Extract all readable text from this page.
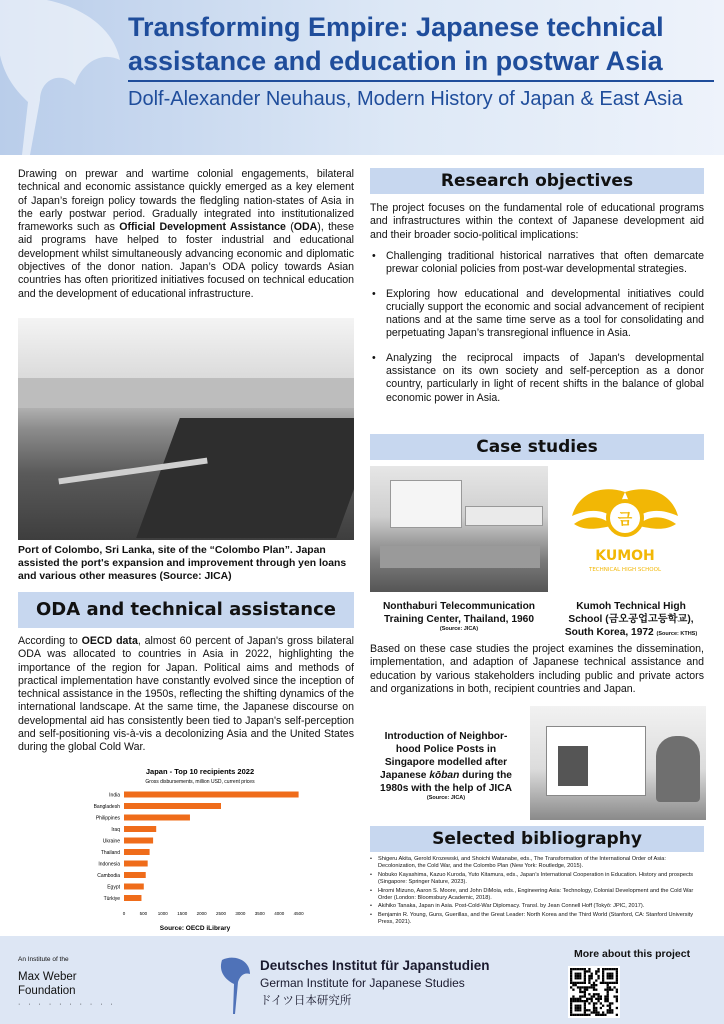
Transforming Empire: Japanese technical
assistance and education in postwar Asia
Dolf-Alexander Neuhaus, Modern History of Japan & East Asia

Drawing on prewar and wartime colonial engagements, bilateral technical and economic assistance quickly emerged as a key element of Japan’s foreign policy towards the fledgling nation-states of Asia in the early postwar period. Gradually integrated into institutionalized frameworks such as Official Development Assistance (ODA), these aid programs have helped to foster industrial and educational development whilst simultaneously advancing economic and diplomatic objectives of the donor nation. Japan’s ODA policy towards Asian countries has often prioritized initiatives focused on technical education and the development of educational infrastructure.

Port of Colombo, Sri Lanka, site of the “Colombo Plan”. Japan assisted the port's expansion and improvement through yen loans and various other measures (Source: JICA)

ODA and technical assistance

According to OECD data, almost 60 percent of Japan's gross bilateral ODA was allocated to countries in Asia in 2022, highlighting the importance of the region for Japan. Political aims and methods of practical implementation have constantly evolved since the inception of technical assistance in the 1950s, reflecting the shifting dynamics of the international landscape. At the same time, the Japanese discourse on developmental aid has consistently been tied to Japan's self-perception and self-positioning vis-à-vis a decolonizing Asia and the United States during the global Cold War.

Japan - Top 10 recipients 2022
Gross disbursements, million USD, current prices
India
Bangladesh
Philippines
Iraq
Ukraine
Thailand
Indonesia
Cambodia
Egypt
Türkiye
0	500 1000 1500 2000 2500 3000 3500 4000 4500
Source: OECD iLibrary
Research objectives

The project focuses on the fundamental role of educational programs and infrastructures within the context of Japanese development aid and their broader socio-political implications:

• Challenging traditional historical narratives that often demarcate prewar colonial policies from post-war developmental strategies.
• Exploring how educational and developmental initiatives could crucially support the economic and social advancement of recipient nations and at the same time serve as a tool for consolidating and perpetuating Japan’s transregional influence in Asia.
• Analyzing the reciprocal impacts of Japan's developmental assistance on its own society and self-perception as a donor country, particularly in light of recent shifts in the balance of global economic power in Asia.
Case studies
금
KUMOH
TECHNICAL HIGH SCHOOL
Nonthaburi Telecommunication Training Center, Thailand, 1960
(Source: JICA)
Kumoh Technical High School (금오공업고등학교), South Korea, 1972 (Source: KTHS)

Based on these case studies the project examines the dissemination, implementation, and adaption of Japanese technical assistance and education by various stakeholders including public and private actors and organizations in both, recipient countries and Japan.

Introduction of Neighbor-hood Police Posts in Singapore modelled after Japanese kōban during the 1980s with the help of JICA
(Source: JICA)
Selected bibliography
• Shigeru Akita, Gerold Krozewski, and Shoichi Watanabe, eds., The Transformation of the International Order of Asia: Decolonization, the Cold War, and the Colombo Plan (New York: Routledge, 2015).
• Nobuko Kayashima, Kazuo Kuroda, Yuto Kitamura, eds., Japan’s International Cooperation in Education. History and prospects (Singapore: Springer Nature, 2023).
• Hiromi Mizuno, Aaron S. Moore, and John DiMoia, eds., Engineering Asia: Technology, Colonial Development and the Cold War Order (London: Bloomsbury Academic, 2018).
• Akihiko Tanaka, Japan in Asia. Post-Cold-War Diplomacy. Transl. by Jean Connell Hoff (Tokyō: JPIC, 2017).
• Benjamin R. Young, Guns, Guerillas, and the Great Leader: North Korea and the Third World (Stanford, CA: Stanford University Press, 2021).
An Institute of the
Max Weber
Foundation
· · · · · · · · · ·
Deutsches Institut für Japanstudien
German Institute for Japanese Studies
ドイツ日本研究所
More about this project
